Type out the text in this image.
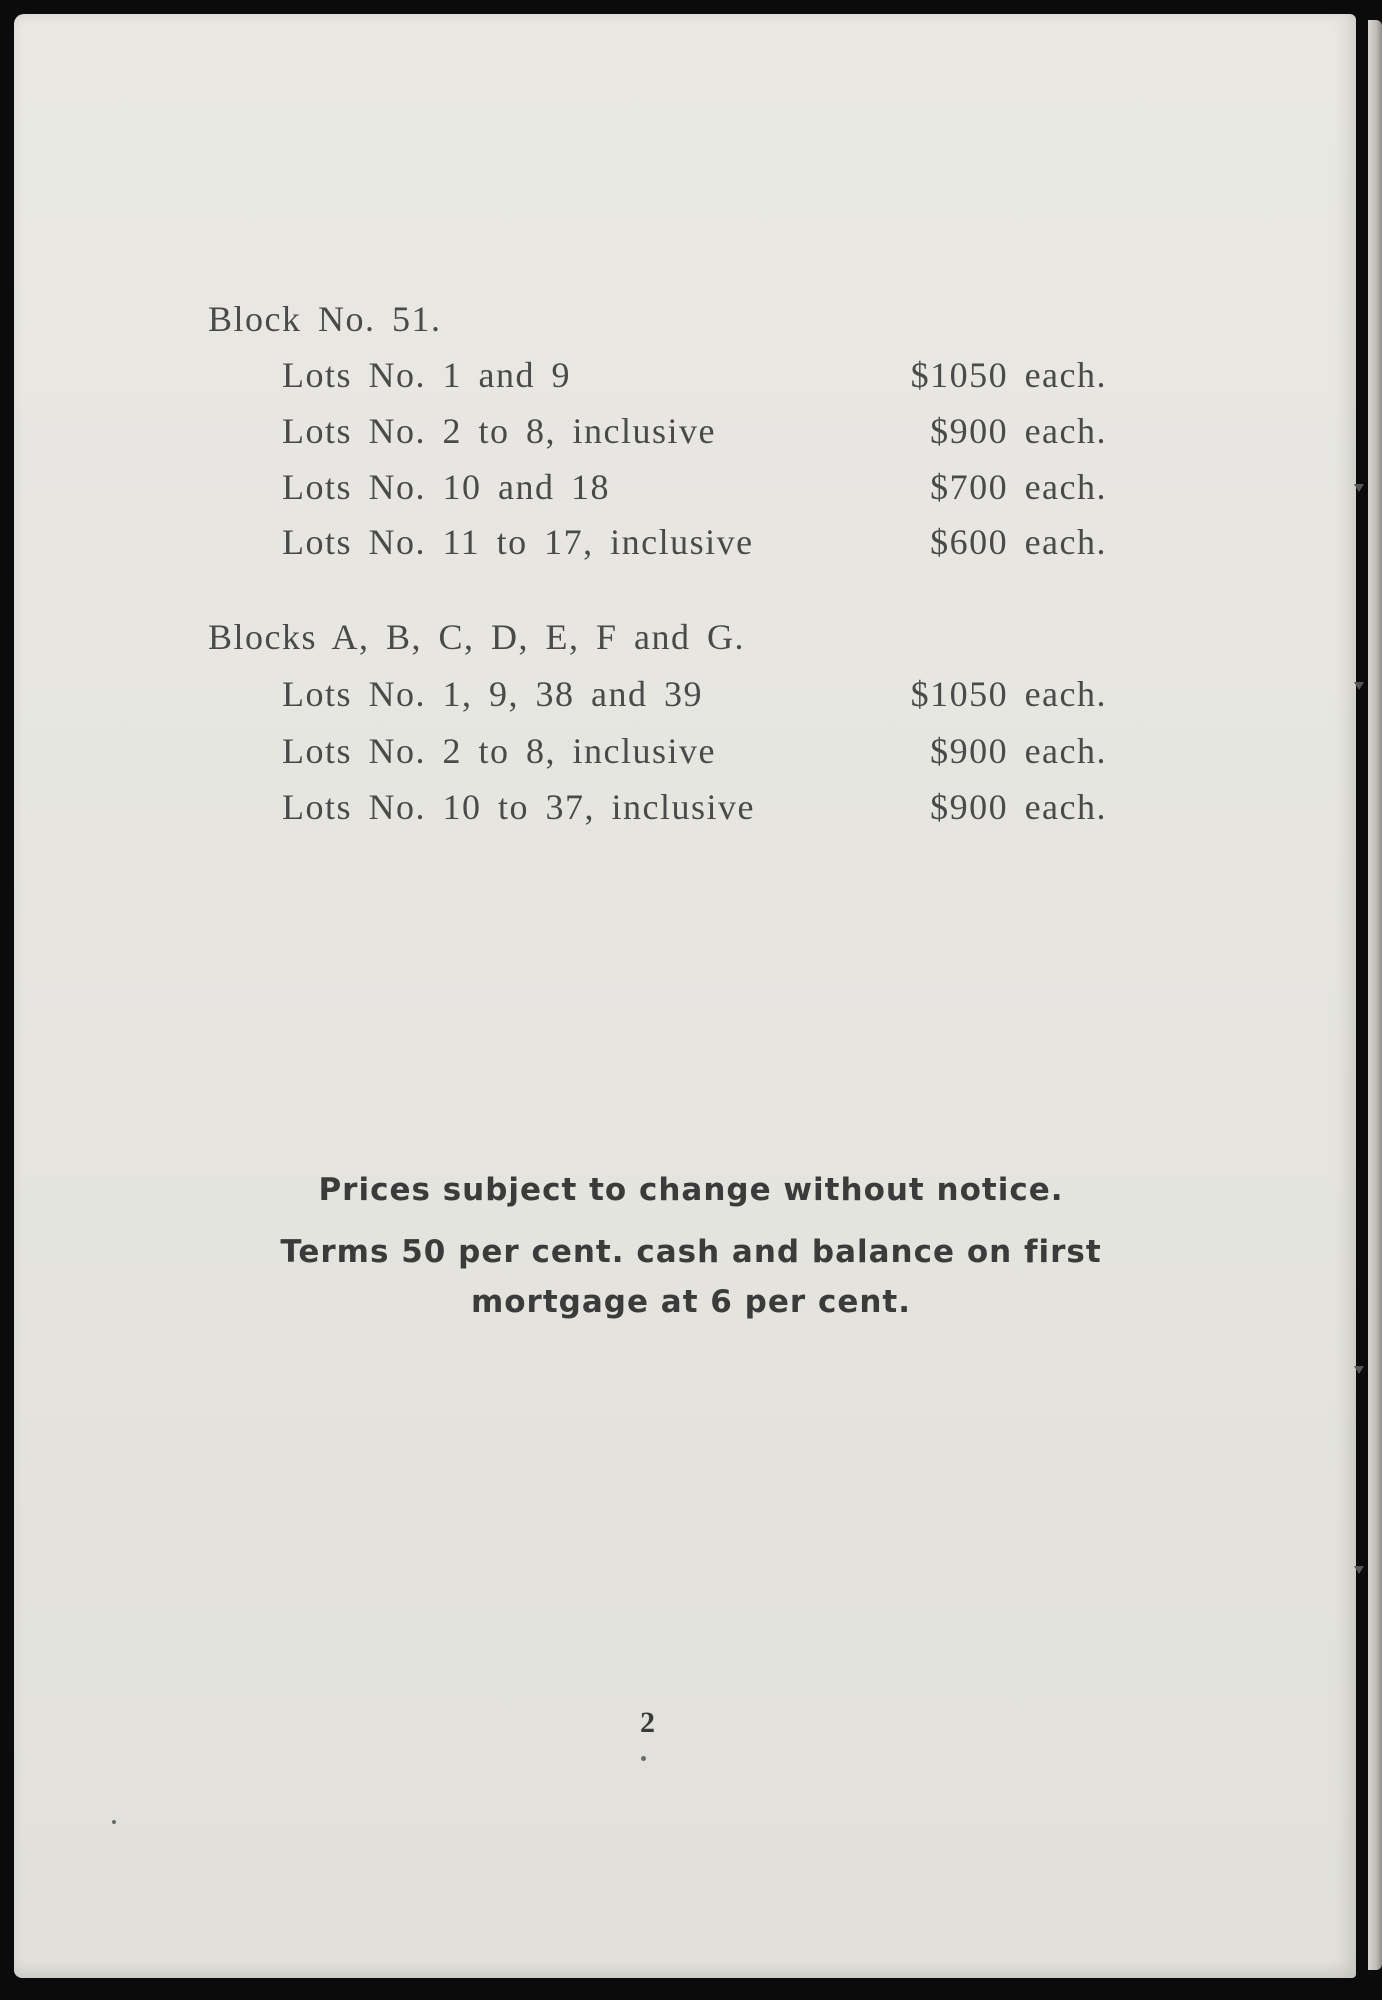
Block No. 51.
Lots No. 1 and 9	$1050 each.
Lots No. 2 to 8, inclusive	$900 each.
Lots No. 10 and 18	$700 each.
Lots No. 11 to 17, inclusive	$600 each.
Blocks A, B, C, D, E, F and G.
Lots No. 1, 9, 38 and 39	$1050 each.
Lots No. 2 to 8, inclusive	$900 each.
Lots No. 10 to 37, inclusive	$900 each.
Prices subject to change without notice.
Terms 50 per cent. cash and balance on first
mortgage at 6 per cent.
2
